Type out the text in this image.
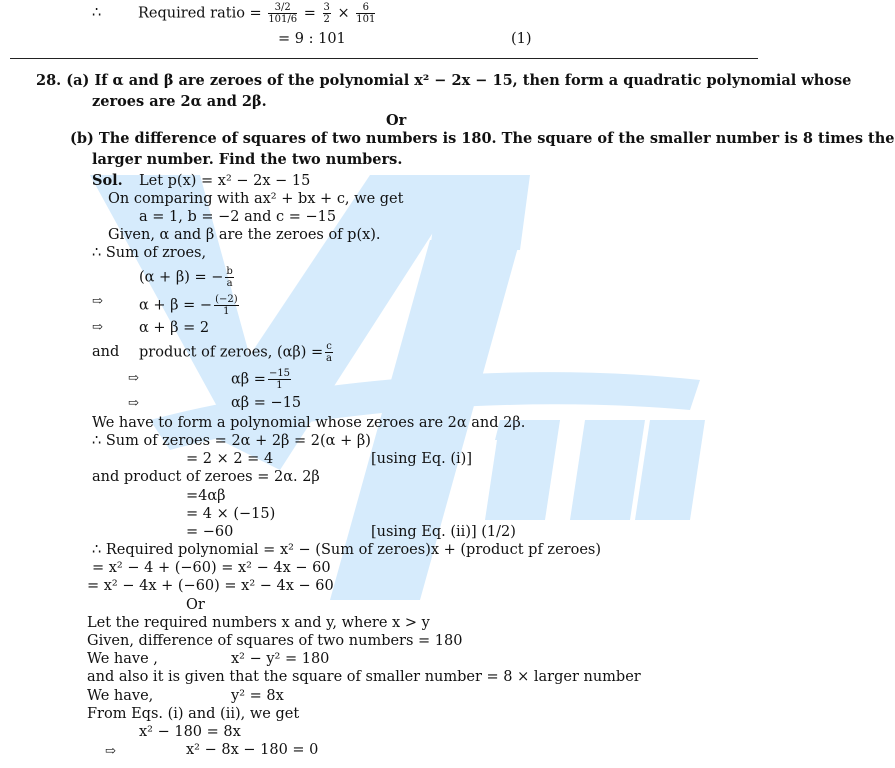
VIJEE
∴	Required ratio = $\frac{3/2}{101/6} = \frac{3}{2} \times \frac{6}{101}$
= 9 : 101	(1)
28. (a) If α and β are zeroes of the polynomial x² − 2x − 15, then form a quadratic polynomial whose
zeroes are 2α and 2β.
Or
(b) The difference of squares of two numbers is 180. The square of the smaller number is 8 times the
larger number. Find the two numbers.
Sol. Let p(x) = x² − 2x − 15
On comparing with ax² + bx + c, we get
a = 1, b = −2 and c = −15
Given, α and β are the zeroes of p(x).
∴ Sum of zroes,
(α + β) = − $\frac{b}{a}$
⇨ α + β = − $\frac{(-2)}{1}$
⇨ α + β = 2
and product of zeroes, $(\alpha\beta) = \frac{c}{a}$
⇨	$\alpha\beta = \frac{-15}{1}$
⇨	αβ = −15
We have to form a polynomial whose zeroes are 2α and 2β.
∴ Sum of zeroes = 2α + 2β = 2(α + β)
= 2 × 2 = 4	[using Eq. (i)]
and product of zeroes = 2α. 2β
=4αβ
= 4 × (−15)
= −60	[using Eq. (ii)] (1/2)
∴ Required polynomial = x² − (Sum of zeroes)x + (product pf zeroes)
= x² − 4 + (−60) = x² − 4x − 60
= x² − 4x + (−60) = x² − 4x − 60
Or
Let the required numbers x and y, where x > y
Given, difference of squares of two numbers = 180
We have ,	x² − y² = 180
and also it is given that the square of smaller number = 8 × larger number
We have,	y² = 8x
From Eqs. (i) and (ii), we get
x² − 180 = 8x
⇨	x² − 8x − 180 = 0
